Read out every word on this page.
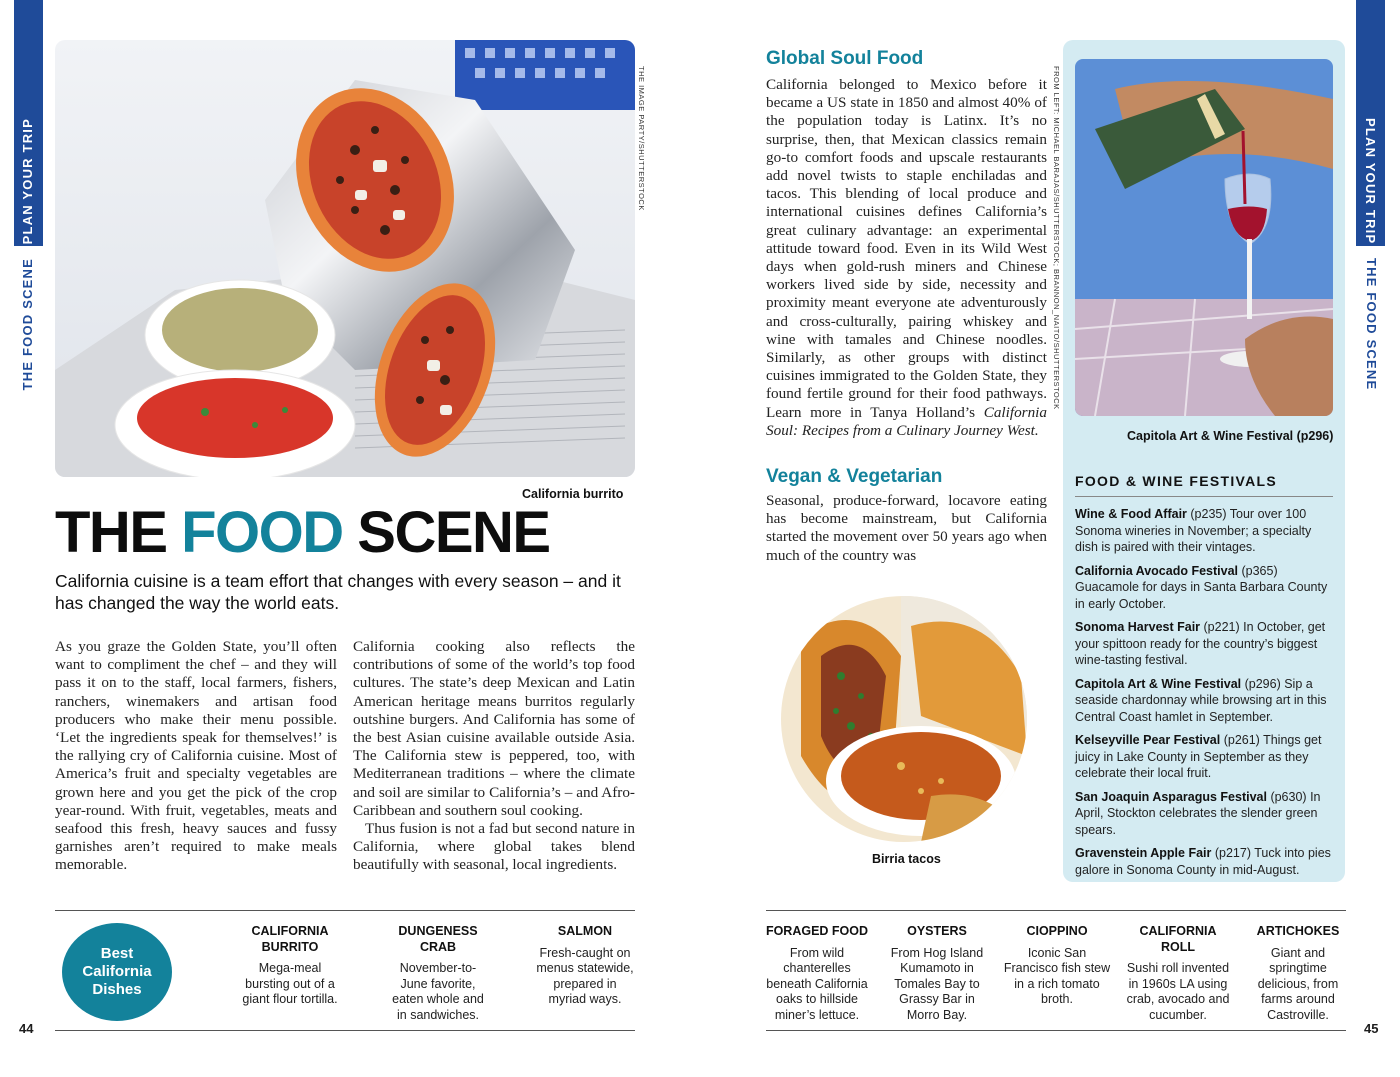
PLAN YOUR TRIP
THE FOOD SCENE
THE IMAGE PARTY/SHUTTERSTOCK
California burrito
THE FOOD SCENE
California cuisine is a team effort that changes with every season – and it has changed the way the world eats.

As you graze the Golden State, you’ll often want to compliment the chef – and they will pass it on to the staff, local farmers, fishers, ranchers, winemakers and artisan food producers who make their menu possible. ‘Let the ingredients speak for themselves!’ is the rallying cry of California cuisine. Most of America’s fruit and specialty vegetables are grown here and you get the pick of the crop year-round. With fruit, vegetables, meats and seafood this fresh, heavy sauces and fussy garnishes aren’t required to make meals memorable.

California cooking also reflects the contributions of some of the world’s top food cultures. The state’s deep Mexican and Latin American heritage means burritos regularly outshine burgers. And California has some of the best Asian cuisine available outside Asia. The California stew is peppered, too, with Mediterranean traditions – where the climate and soil are similar to California’s – and Afro-Caribbean and southern soul cooking.

Thus fusion is not a fad but second nature in California, where global takes blend beautifully with seasonal, local ingredients.

Best California Dishes
CALIFORNIA BURRITO
Mega-meal bursting out of a giant flour tortilla.
DUNGENESS CRAB
November-to-June favorite, eaten whole and in sandwiches.
SALMON
Fresh-caught on menus statewide, prepared in myriad ways.
44
Global Soul Food

California belonged to Mexico before it became a US state in 1850 and almost 40% of the population today is Latinx. It’s no surprise, then, that Mexican classics remain go-to comfort foods and upscale restaurants add novel twists to staple enchiladas and tacos. This blending of local produce and international cuisines defines California’s great culinary advantage: an experimental attitude toward food. Even in its Wild West days when gold-rush miners and Chinese workers lived side by side, necessity and proximity meant everyone ate adventurously and cross-culturally, pairing whiskey and wine with tamales and Chinese noodles. Similarly, as other groups with distinct cuisines immigrated to the Golden State, they found fertile ground for their food pathways. Learn more in Tanya Holland’s California Soul: Recipes from a Culinary Journey West.

Vegan & Vegetarian

Seasonal, produce-forward, locavore eating has become mainstream, but California started the movement over 50 years ago when much of the country was

FROM LEFT: MICHAEL BARAJAS/SHUTTERSTOCK; BRANNON_NAITO/SHUTTERSTOCK
Birria tacos
Capitola Art & Wine Festival (p296)
FOOD & WINE FESTIVALS

Wine & Food Affair (p235) Tour over 100 Sonoma wineries in November; a specialty dish is paired with their vintages.

California Avocado Festival (p365) Guacamole for days in Santa Barbara County in early October.

Sonoma Harvest Fair (p221) In October, get your spittoon ready for the country’s biggest wine-tasting festival.

Capitola Art & Wine Festival (p296) Sip a seaside chardonnay while browsing art in this Central Coast hamlet in September.

Kelseyville Pear Festival (p261) Things get juicy in Lake County in September as they celebrate their local fruit.

San Joaquin Asparagus Festival (p630) In April, Stockton celebrates the slender green spears.

Gravenstein Apple Fair (p217) Tuck into pies galore in Sonoma County in mid-August.

PLAN YOUR TRIP
THE FOOD SCENE
FORAGED FOOD
From wild chanterelles beneath California oaks to hillside miner’s lettuce.
OYSTERS
From Hog Island Kumamoto in Tomales Bay to Grassy Bar in Morro Bay.
CIOPPINO
Iconic San Francisco fish stew in a rich tomato broth.
CALIFORNIA ROLL
Sushi roll invented in 1960s LA using crab, avocado and cucumber.
ARTICHOKES
Giant and springtime delicious, from farms around Castroville.
45
